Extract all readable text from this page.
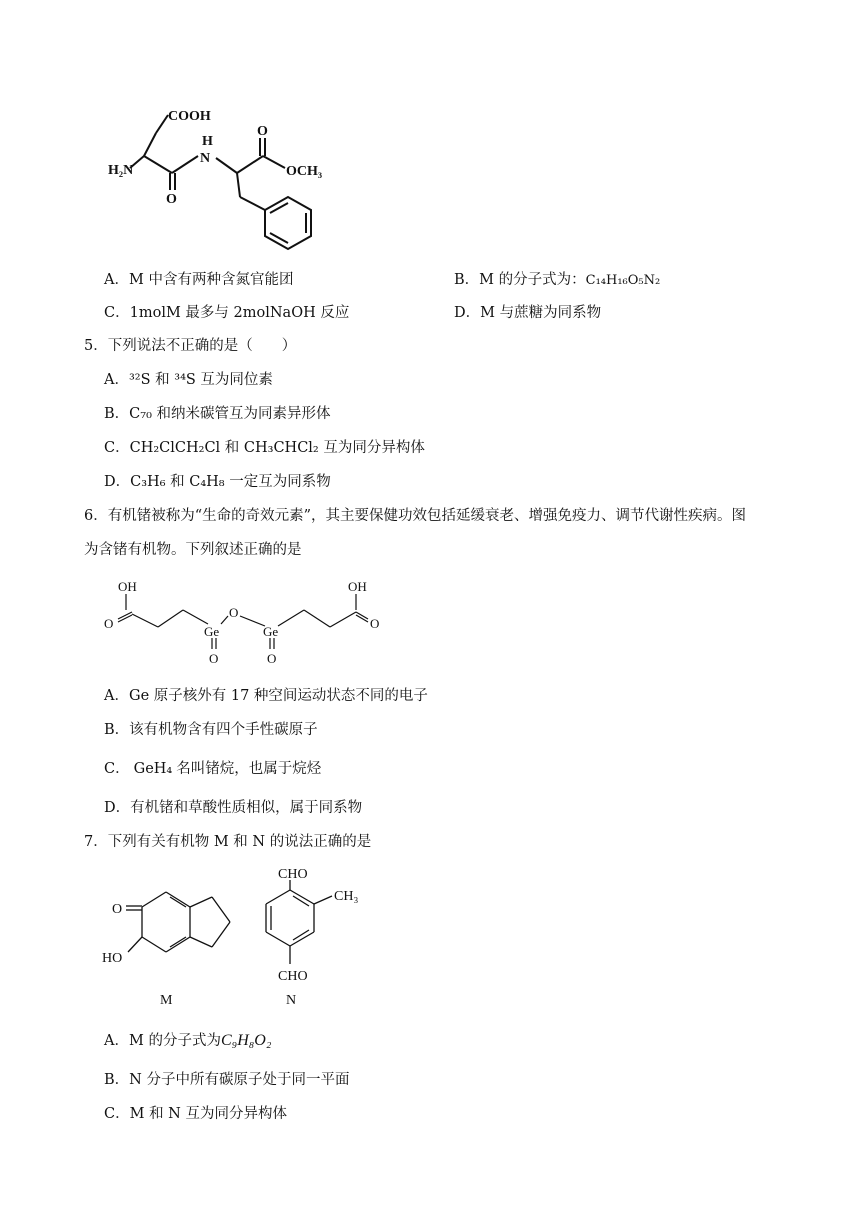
COOH
H
N
O
OCH₃
H₂N
O
A．M 中含有两种含氮官能团	B．M 的分子式为：C₁₄H₁₆O₅N₂
C．1molM 最多与 2molNaOH 反应	D．M 与蔗糖为同系物
5．下列说法不正确的是（　　）
A．³²S 和 ³⁴S 互为同位素
B．C₇₀ 和纳米碳管互为同素异形体
C．CH₂ClCH₂Cl 和 CH₃CHCl₂ 互为同分异构体
D．C₃H₆ 和 C₄H₈ 一定互为同系物
6．有机锗被称为“生命的奇效元素”，其主要保健功效包括延缓衰老、增强免疫力、调节代谢性疾病。图
为含锗有机物。下列叙述正确的是
OH	OH
O	O
O
Ge	Ge
O	O
A．Ge 原子核外有 17 种空间运动状态不同的电子
B．该有机物含有四个手性碳原子
C． GeH₄ 名叫锗烷，也属于烷烃
D．有机锗和草酸性质相似，属于同系物
7．下列有关有机物 M 和 N 的说法正确的是
O
HO
CHO
CH₃
CHO
M	N
A．M 的分子式为C₉H₈O₂
B．N 分子中所有碳原子处于同一平面
C．M 和 N 互为同分异构体
